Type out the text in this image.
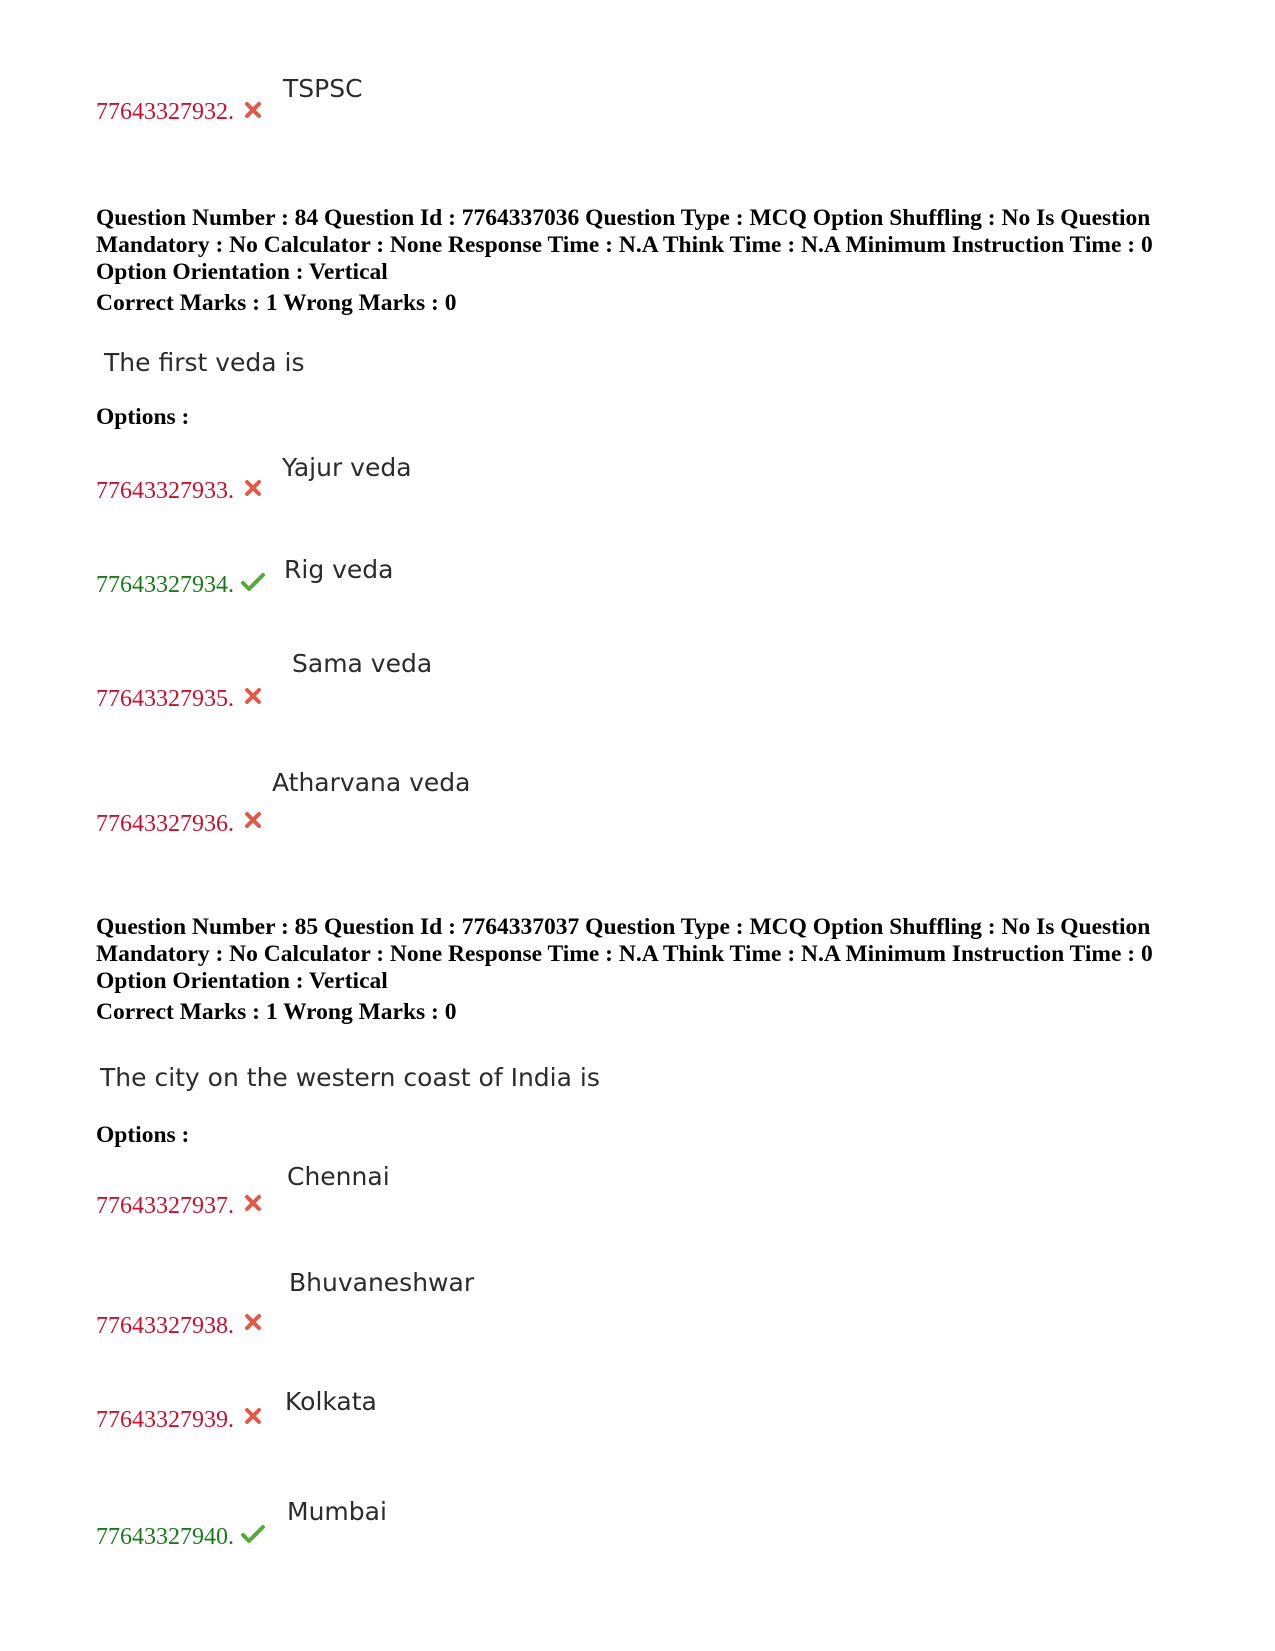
TSPSC
77643327932.
Question Number : 84 Question Id : 7764337036 Question Type : MCQ Option Shuffling : No Is Question Mandatory : No Calculator : None Response Time : N.A Think Time : N.A Minimum Instruction Time : 0 Option Orientation : Vertical
Correct Marks : 1 Wrong Marks : 0
The first veda is
Options :
Yajur veda
77643327933.
Rig veda
77643327934.
Sama veda
77643327935.
Atharvana veda
77643327936.
Question Number : 85 Question Id : 7764337037 Question Type : MCQ Option Shuffling : No Is Question Mandatory : No Calculator : None Response Time : N.A Think Time : N.A Minimum Instruction Time : 0 Option Orientation : Vertical
Correct Marks : 1 Wrong Marks : 0
The city on the western coast of India is
Options :
Chennai
77643327937.
Bhuvaneshwar
77643327938.
Kolkata
77643327939.
Mumbai
77643327940.
